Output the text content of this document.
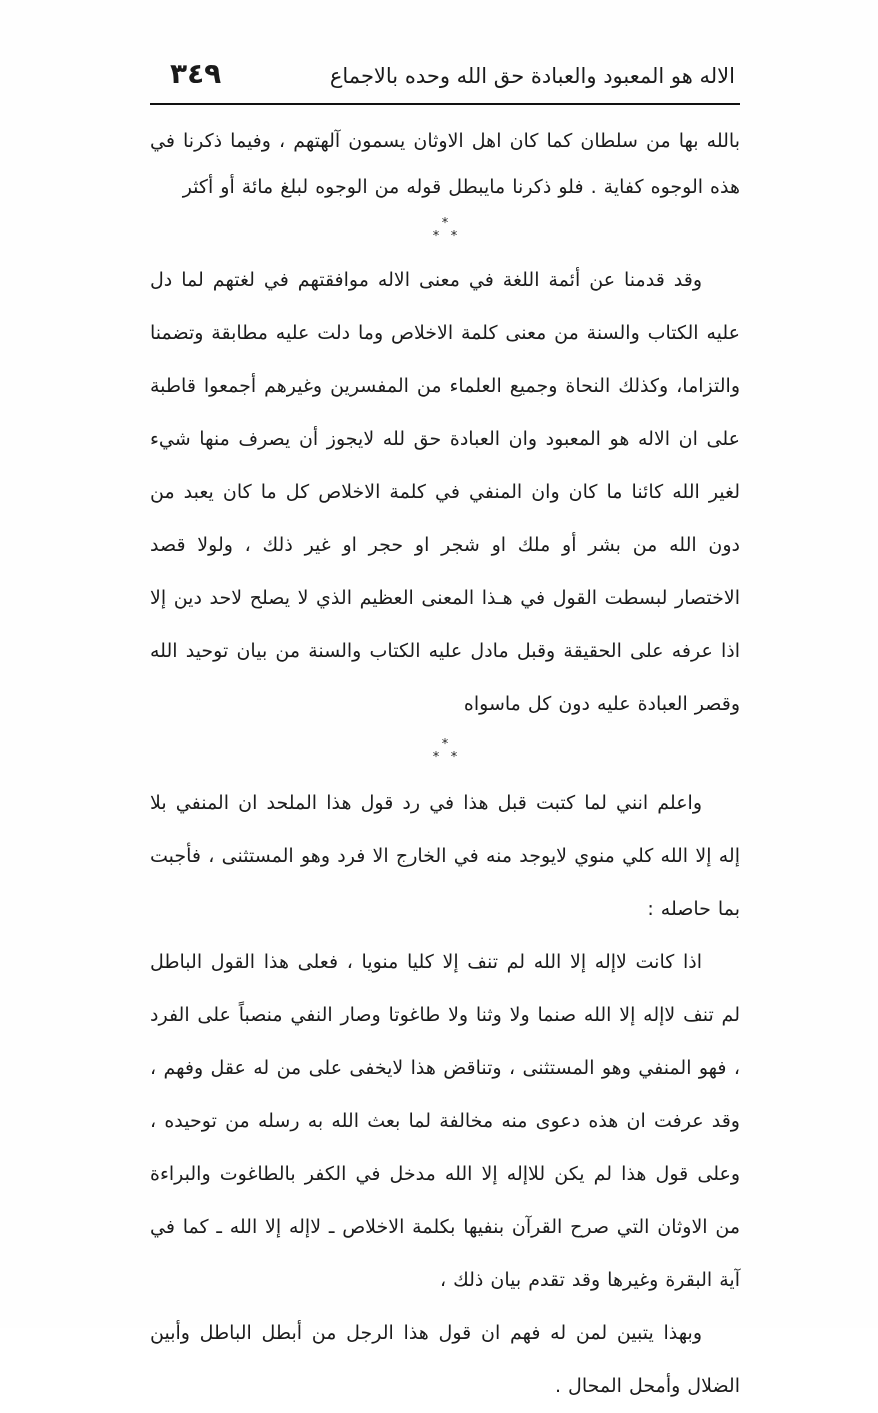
الاله هو المعبود والعبادة حق الله وحده بالاجماع
٣٤٩

بالله بها من سلطان كما كان اهل الاوثان يسمون آلهتهم ، وفيما ذكرنا في هذه الوجوه كفاية . فلو ذكرنا مايبطل قوله من الوجوه لبلغ مائة أو أكثر

*
* *

وقد قدمنا عن أئمة اللغة في معنى الاله موافقتهم في لغتهم لما دل عليه الكتاب والسنة من معنى كلمة الاخلاص وما دلت عليه مطابقة وتضمنا والتزاما، وكذلك النحاة وجميع العلماء من المفسرين وغيرهم أجمعوا قاطبة على ان الاله هو المعبود وان العبادة حق لله لايجوز أن يصرف منها شيء لغير الله كائنا ما كان وان المنفي في كلمة الاخلاص كل ما كان يعبد من دون الله من بشر أو ملك او شجر او حجر او غير ذلك ، ولولا قصد الاختصار لبسطت القول في هـذا المعنى العظيم الذي لا يصلح لاحد دين إلا اذا عرفه على الحقيقة وقبل مادل عليه الكتاب والسنة من بيان توحيد الله وقصر العبادة عليه دون كل ماسواه

*
* *

واعلم انني لما كتبت قبل هذا في رد قول هذا الملحد ان المنفي بلا إله إلا الله كلي منوي لايوجد منه في الخارج الا فرد وهو المستثنى ، فأجبت بما حاصله :

اذا كانت لاإله إلا الله لم تنف إلا كليا منويا ، فعلى هذا القول الباطل لم تنف لاإله إلا الله صنما ولا وثنا ولا طاغوتا وصار النفي منصباً على الفرد ، فهو المنفي وهو المستثنى ، وتناقض هذا لايخفى على من له عقل وفهم ، وقد عرفت ان هذه دعوى منه مخالفة لما بعث الله به رسله من توحيده ، وعلى قول هذا لم يكن للاإله إلا الله مدخل في الكفر بالطاغوت والبراءة من الاوثان التي صرح القرآن بنفيها بكلمة الاخلاص ـ لاإله إلا الله ـ كما في آية البقرة وغيرها وقد تقدم بيان ذلك ،

وبهذا يتبين لمن له فهم ان قول هذا الرجل من أبطل الباطل وأبين الضلال وأمحل المحال .
